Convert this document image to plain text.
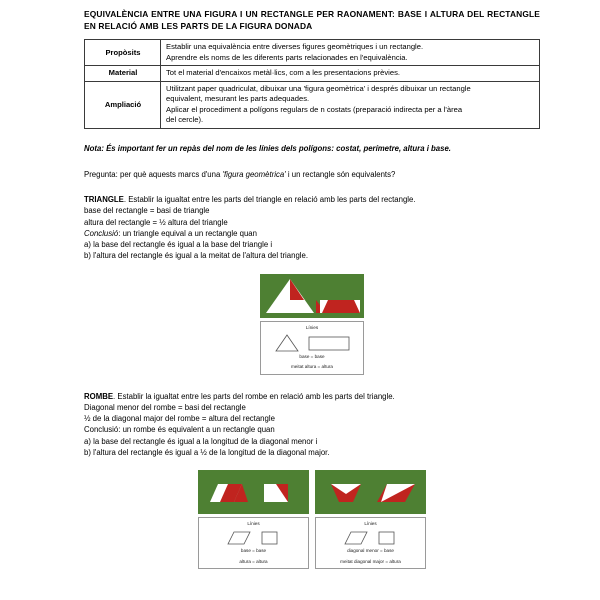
EQUIVALÈNCIA ENTRE UNA FIGURA I UN RECTANGLE PER RAONAMENT: BASE I ALTURA DEL RECTANGLE EN RELACIÓ AMB LES PARTS DE LA FIGURA DONADA
Propòsits	Establir una equivalència entre diverses figures geomètriques i un rectangle.
Aprendre els noms de les diferents parts relacionades en l'equivalència.

Material	Tot el material d'encaixos metàl·lics, com a les presentacions prèvies.

Ampliació	Utilitzant paper quadriculat, dibuixar una 'figura geomètrica' i després dibuixar un rectangle
equivalent, mesurant les parts adequades.
Aplicar el procediment a polígons regulars de n costats (preparació indirecta per a l'àrea
del cercle).

Nota: És important fer un repàs del nom de les línies dels polígons: costat, perímetre, altura i base.

Pregunta: per què aquests marcs d'una 'figura geomètrica' i un rectangle són equivalents?

TRIANGLE. Establir la igualtat entre les parts del triangle en relació amb les parts del rectangle.
base del rectangle = basi de triangle
altura del rectangle = ½ altura del triangle
Conclusió: un triangle equival a un rectangle quan
a) la base del rectangle és igual a la base del triangle i
b) l'altura del rectangle és igual a la meitat de l'altura del triangle.
Línies
base = base
meitat altura = altura
ROMBE. Establir la igualtat entre les parts del rombe en relació amb les parts del triangle.
Diagonal menor del rombe = basi del rectangle
½ de la diagonal major del rombe = altura del rectangle
Conclusió: un rombe és equivalent a un rectangle quan
a) la base del rectangle és igual a la longitud de la diagonal menor i
b) l'altura del rectangle és igual a ½ de la longitud de la diagonal major.
Línies
base = base
altura = altura
Línies
diagonal menor = base
meitat diagonal major = altura
